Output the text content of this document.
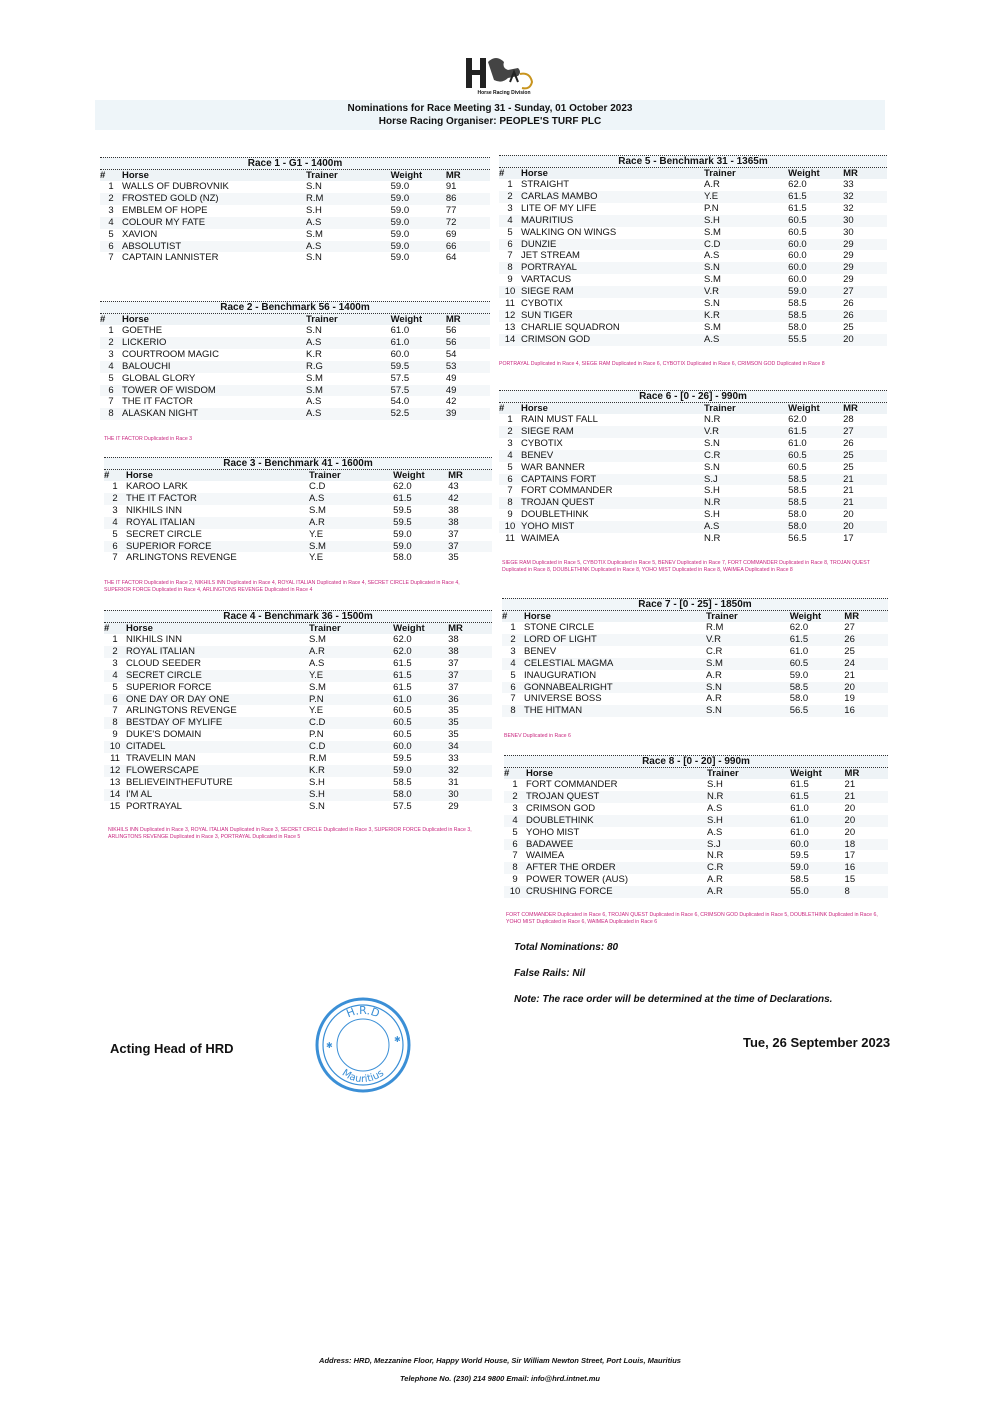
Horse Racing Division
Nominations for Race Meeting 31 - Sunday, 01 October 2023
Horse Racing Organiser: PEOPLE'S TURF PLC
Race 1 - G1 - 1400m
#	Horse	Trainer	Weight	MR
1	WALLS OF DUBROVNIK	S.N	59.0	91
2	FROSTED GOLD (NZ)	R.M	59.0	86
3	EMBLEM OF HOPE	S.H	59.0	77
4	COLOUR MY FATE	A.S	59.0	72
5	XAVION	S.M	59.0	69
6	ABSOLUTIST	A.S	59.0	66
7	CAPTAIN LANNISTER	S.N	59.0	64
Race 2 - Benchmark 56 - 1400m
#	Horse	Trainer	Weight	MR
1	GOETHE	S.N	61.0	56
2	LICKERIO	A.S	61.0	56
3	COURTROOM MAGIC	K.R	60.0	54
4	BALOUCHI	R.G	59.5	53
5	GLOBAL GLORY	S.M	57.5	49
6	TOWER OF WISDOM	S.M	57.5	49
7	THE IT FACTOR	A.S	54.0	42
8	ALASKAN NIGHT	A.S	52.5	39
Race 3 - Benchmark 41 - 1600m
#	Horse	Trainer	Weight	MR
1	KAROO LARK	C.D	62.0	43
2	THE IT FACTOR	A.S	61.5	42
3	NIKHILS INN	S.M	59.5	38
4	ROYAL ITALIAN	A.R	59.5	38
5	SECRET CIRCLE	Y.E	59.0	37
6	SUPERIOR FORCE	S.M	59.0	37
7	ARLINGTONS REVENGE	Y.E	58.0	35
Race 4 - Benchmark 36 - 1500m
#	Horse	Trainer	Weight	MR
1	NIKHILS INN	S.M	62.0	38
2	ROYAL ITALIAN	A.R	62.0	38
3	CLOUD SEEDER	A.S	61.5	37
4	SECRET CIRCLE	Y.E	61.5	37
5	SUPERIOR FORCE	S.M	61.5	37
6	ONE DAY OR DAY ONE	P.N	61.0	36
7	ARLINGTONS REVENGE	Y.E	60.5	35
8	BESTDAY OF MYLIFE	C.D	60.5	35
9	DUKE'S DOMAIN	P.N	60.5	35
10	CITADEL	C.D	60.0	34
11	TRAVELIN MAN	R.M	59.5	33
12	FLOWERSCAPE	K.R	59.0	32
13	BELIEVEINTHEFUTURE	S.H	58.5	31
14	I'M AL	S.H	58.0	30
15	PORTRAYAL	S.N	57.5	29
Race 5 - Benchmark 31 - 1365m
#	Horse	Trainer	Weight	MR
1	STRAIGHT	A.R	62.0	33
2	CARLAS MAMBO	Y.E	61.5	32
3	LITE OF MY LIFE	P.N	61.5	32
4	MAURITIUS	S.H	60.5	30
5	WALKING ON WINGS	S.M	60.5	30
6	DUNZIE	C.D	60.0	29
7	JET STREAM	A.S	60.0	29
8	PORTRAYAL	S.N	60.0	29
9	VARTACUS	S.M	60.0	29
10	SIEGE RAM	V.R	59.0	27
11	CYBOTIX	S.N	58.5	26
12	SUN TIGER	K.R	58.5	26
13	CHARLIE SQUADRON	S.M	58.0	25
14	CRIMSON GOD	A.S	55.5	20
Race 6 - [0 - 26] - 990m
#	Horse	Trainer	Weight	MR
1	RAIN MUST FALL	N.R	62.0	28
2	SIEGE RAM	V.R	61.5	27
3	CYBOTIX	S.N	61.0	26
4	BENEV	C.R	60.5	25
5	WAR BANNER	S.N	60.5	25
6	CAPTAINS FORT	S.J	58.5	21
7	FORT COMMANDER	S.H	58.5	21
8	TROJAN QUEST	N.R	58.5	21
9	DOUBLETHINK	S.H	58.0	20
10	YOHO MIST	A.S	58.0	20
11	WAIMEA	N.R	56.5	17
Race 7 - [0 - 25] - 1850m
#	Horse	Trainer	Weight	MR
1	STONE CIRCLE	R.M	62.0	27
2	LORD OF LIGHT	V.R	61.5	26
3	BENEV	C.R	61.0	25
4	CELESTIAL MAGMA	S.M	60.5	24
5	INAUGURATION	A.R	59.0	21
6	GONNABEALRIGHT	S.N	58.5	20
7	UNIVERSE BOSS	A.R	58.0	19
8	THE HITMAN	S.N	56.5	16
Race 8 - [0 - 20] - 990m
#	Horse	Trainer	Weight	MR
1	FORT COMMANDER	S.H	61.5	21
2	TROJAN QUEST	N.R	61.5	21
3	CRIMSON GOD	A.S	61.0	20
4	DOUBLETHINK	S.H	61.0	20
5	YOHO MIST	A.S	61.0	20
6	BADAWEE	S.J	60.0	18
7	WAIMEA	N.R	59.5	17
8	AFTER THE ORDER	C.R	59.0	16
9	POWER TOWER (AUS)	A.R	58.5	15
10	CRUSHING FORCE	A.R	55.0	8
THE IT FACTOR Duplicated in Race 3
THE IT FACTOR Duplicated in Race 2, NIKHILS INN Duplicated in Race 4, ROYAL ITALIAN Duplicated in Race 4, SECRET CIRCLE Duplicated in Race 4, SUPERIOR FORCE Duplicated in Race 4, ARLINGTONS REVENGE Duplicated in Race 4
NIKHILS INN Duplicated in Race 3, ROYAL ITALIAN Duplicated in Race 3, SECRET CIRCLE Duplicated in Race 3, SUPERIOR FORCE Duplicated in Race 3, ARLINGTONS REVENGE Duplicated in Race 3, PORTRAYAL Duplicated in Race 5
PORTRAYAL Duplicated in Race 4, SIEGE RAM Duplicated in Race 6, CYBOTIX Duplicated in Race 6, CRIMSON GOD Duplicated in Race 8
SIEGE RAM Duplicated in Race 5, CYBOTIX Duplicated in Race 5, BENEV Duplicated in Race 7, FORT COMMANDER Duplicated in Race 8, TROJAN QUEST Duplicated in Race 8, DOUBLETHINK Duplicated in Race 8, YOHO MIST Duplicated in Race 8, WAIMEA Duplicated in Race 8
BENEV Duplicated in Race 6
FORT COMMANDER Duplicated in Race 6, TROJAN QUEST Duplicated in Race 6, CRIMSON GOD Duplicated in Race 5, DOUBLETHINK Duplicated in Race 6, YOHO MIST Duplicated in Race 6, WAIMEA Duplicated in Race 6
Total Nominations: 80
False Rails: Nil
Note: The race order will be determined at the time of Declarations.
Acting Head of HRD
H.R.D
Mauritius
✱
✱	Tue, 26 September 2023
Address: HRD, Mezzanine Floor, Happy World House, Sir William Newton Street, Port Louis, Mauritius
Telephone No. (230) 214 9800 Email: info@hrd.intnet.mu
